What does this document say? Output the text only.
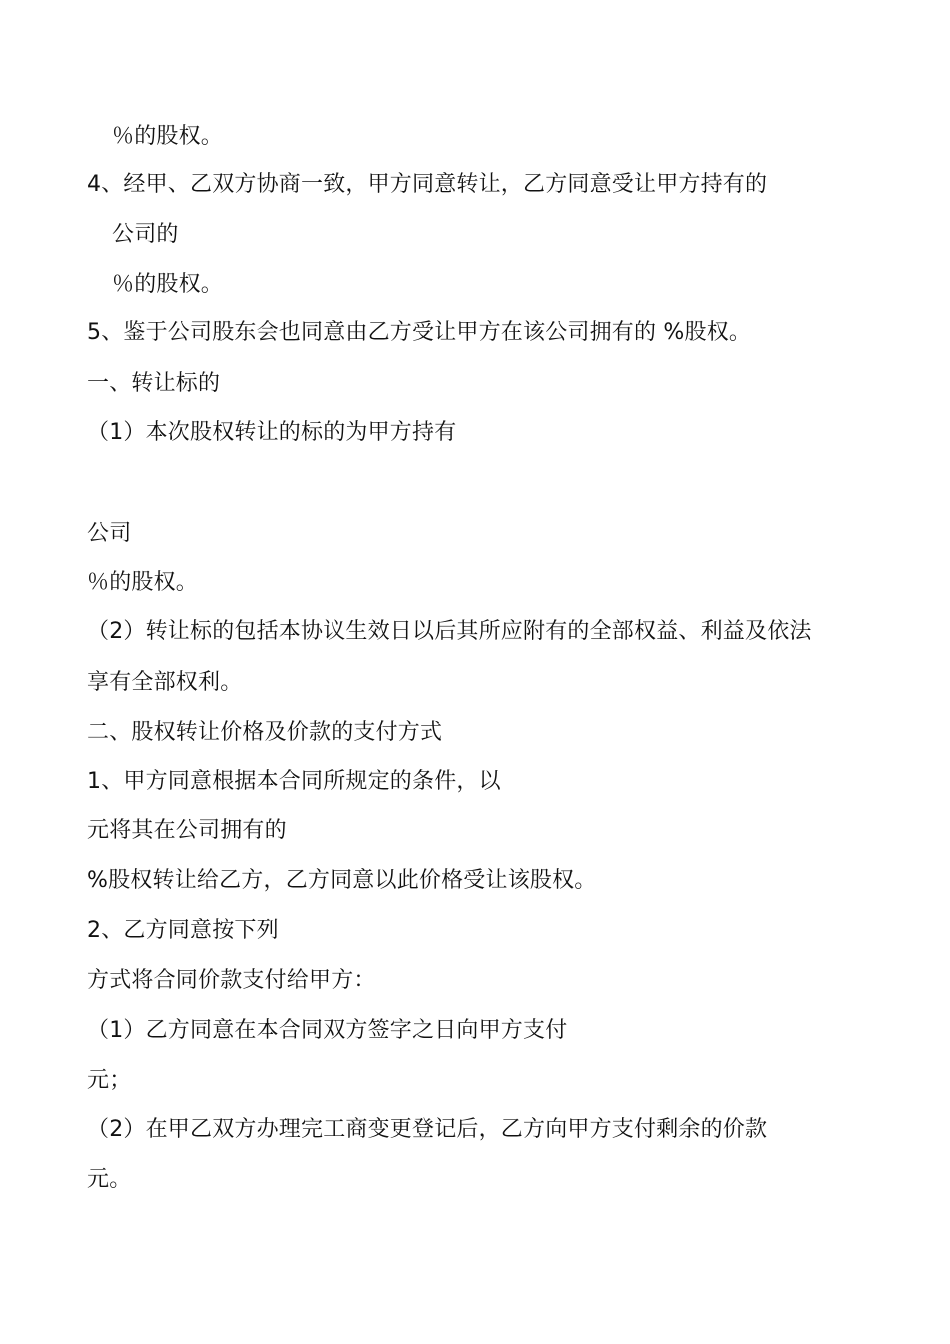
％的股权。
4、经甲、乙双方协商一致，甲方同意转让，乙方同意受让甲方持有的
公司的
％的股权。
5、鉴于公司股东会也同意由乙方受让甲方在该公司拥有的 %股权。
一、转让标的
（1）本次股权转让的标的为甲方持有
公司
％的股权。
（2）转让标的包括本协议生效日以后其所应附有的全部权益、利益及依法
享有全部权利。
二、股权转让价格及价款的支付方式
1、甲方同意根据本合同所规定的条件，以
元将其在公司拥有的
%股权转让给乙方，乙方同意以此价格受让该股权。
2、乙方同意按下列
方式将合同价款支付给甲方：
（1）乙方同意在本合同双方签字之日向甲方支付
元；
（2）在甲乙双方办理完工商变更登记后，乙方向甲方支付剩余的价款
元。
